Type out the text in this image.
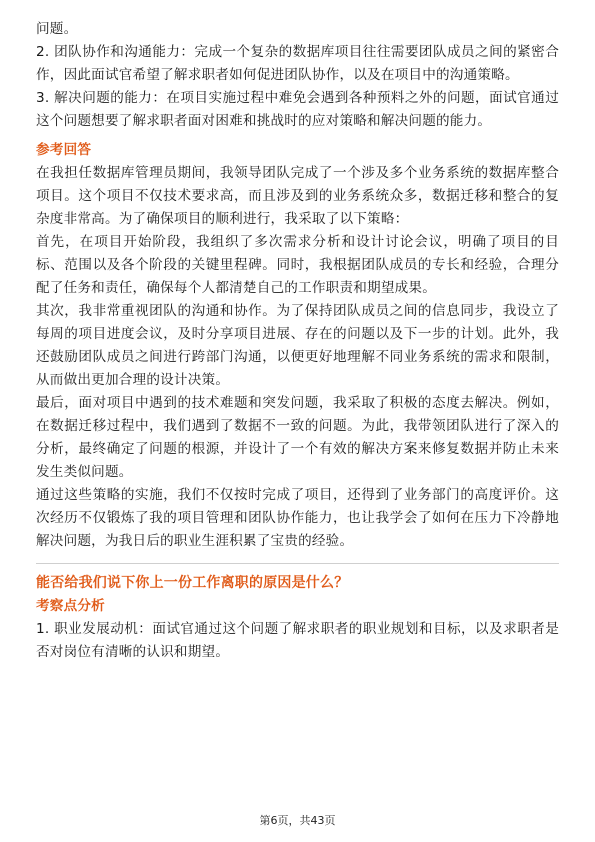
问题。

2. 团队协作和沟通能力：完成一个复杂的数据库项目往往需要团队成员之间的紧密合作，因此面试官希望了解求职者如何促进团队协作，以及在项目中的沟通策略。

3. 解决问题的能力：在项目实施过程中难免会遇到各种预料之外的问题，面试官通过这个问题想要了解求职者面对困难和挑战时的应对策略和解决问题的能力。

参考回答

在我担任数据库管理员期间，我领导团队完成了一个涉及多个业务系统的数据库整合项目。这个项目不仅技术要求高，而且涉及到的业务系统众多，数据迁移和整合的复杂度非常高。为了确保项目的顺利进行，我采取了以下策略：

首先，在项目开始阶段，我组织了多次需求分析和设计讨论会议，明确了项目的目标、范围以及各个阶段的关键里程碑。同时，我根据团队成员的专长和经验，合理分配了任务和责任，确保每个人都清楚自己的工作职责和期望成果。

其次，我非常重视团队的沟通和协作。为了保持团队成员之间的信息同步，我设立了每周的项目进度会议，及时分享项目进展、存在的问题以及下一步的计划。此外，我还鼓励团队成员之间进行跨部门沟通，以便更好地理解不同业务系统的需求和限制，从而做出更加合理的设计决策。

最后，面对项目中遇到的技术难题和突发问题，我采取了积极的态度去解决。例如，在数据迁移过程中，我们遇到了数据不一致的问题。为此，我带领团队进行了深入的分析，最终确定了问题的根源，并设计了一个有效的解决方案来修复数据并防止未来发生类似问题。

通过这些策略的实施，我们不仅按时完成了项目，还得到了业务部门的高度评价。这次经历不仅锻炼了我的项目管理和团队协作能力，也让我学会了如何在压力下冷静地解决问题，为我日后的职业生涯积累了宝贵的经验。

能否给我们说下你上一份工作离职的原因是什么？

考察点分析

1. 职业发展动机：面试官通过这个问题了解求职者的职业规划和目标，以及求职者是否对岗位有清晰的认识和期望。

第6页，共43页
